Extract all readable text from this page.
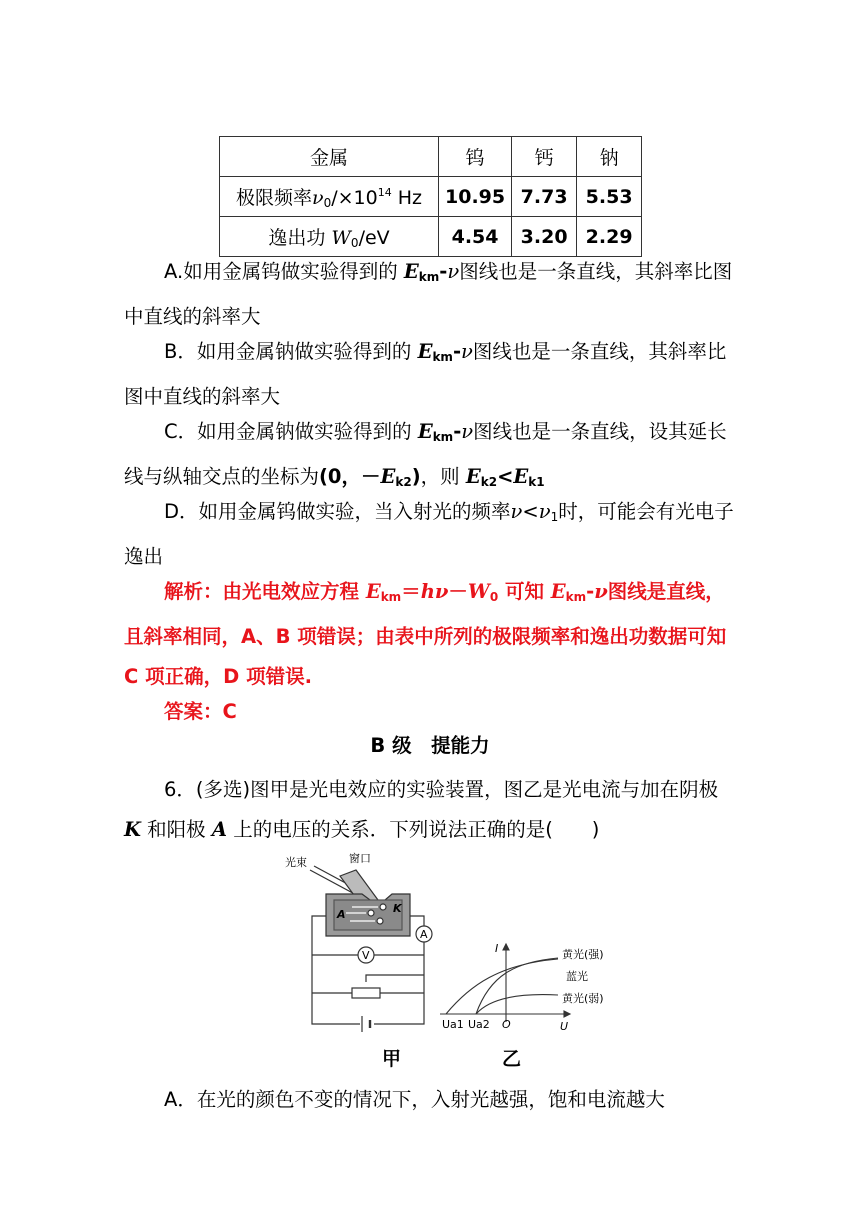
金属	钨	钙	钠
极限频率$\nu_0/\times 10^{14}$ Hz	10.95	7.73	5.53
逸出功 $W_0/eV$	4.54	3.20	2.29
A.如用金属钨做实验得到的 $E_{km}-\nu$图线也是一条直线，其斜率比图中直线的斜率大
B．如用金属钠做实验得到的 $E_{km}-\nu$图线也是一条直线，其斜率比图中直线的斜率大
C．如用金属钠做实验得到的 $E_{km}-\nu$图线也是一条直线，设其延长线与纵轴交点的坐标为(0，$-E_{k2}$)，则 $E_{k2}<E_{k1}$
D．如用金属钨做实验，当入射光的频率$\nu<\nu_1$时，可能会有光电子逸出
解析：由光电效应方程 $E_{km}=h\nu-W_0$ 可知 $E_{km}-\nu$图线是直线，且斜率相同，A、B 项错误；由表中所列的极限频率和逸出功数据可知 C 项正确，D 项错误.
答案：C
B 级　提能力
6．(多选)图甲是光电效应的实验装置，图乙是光电流与加在阴极 K 和阳极 A 上的电压的关系．下列说法正确的是(　　)
光束	窗口
A	K
A
V
I
U
O
Ua1 Ua2
黄光(强)
蓝光
黄光(弱)
甲	乙
A．在光的颜色不变的情况下，入射光越强，饱和电流越大
